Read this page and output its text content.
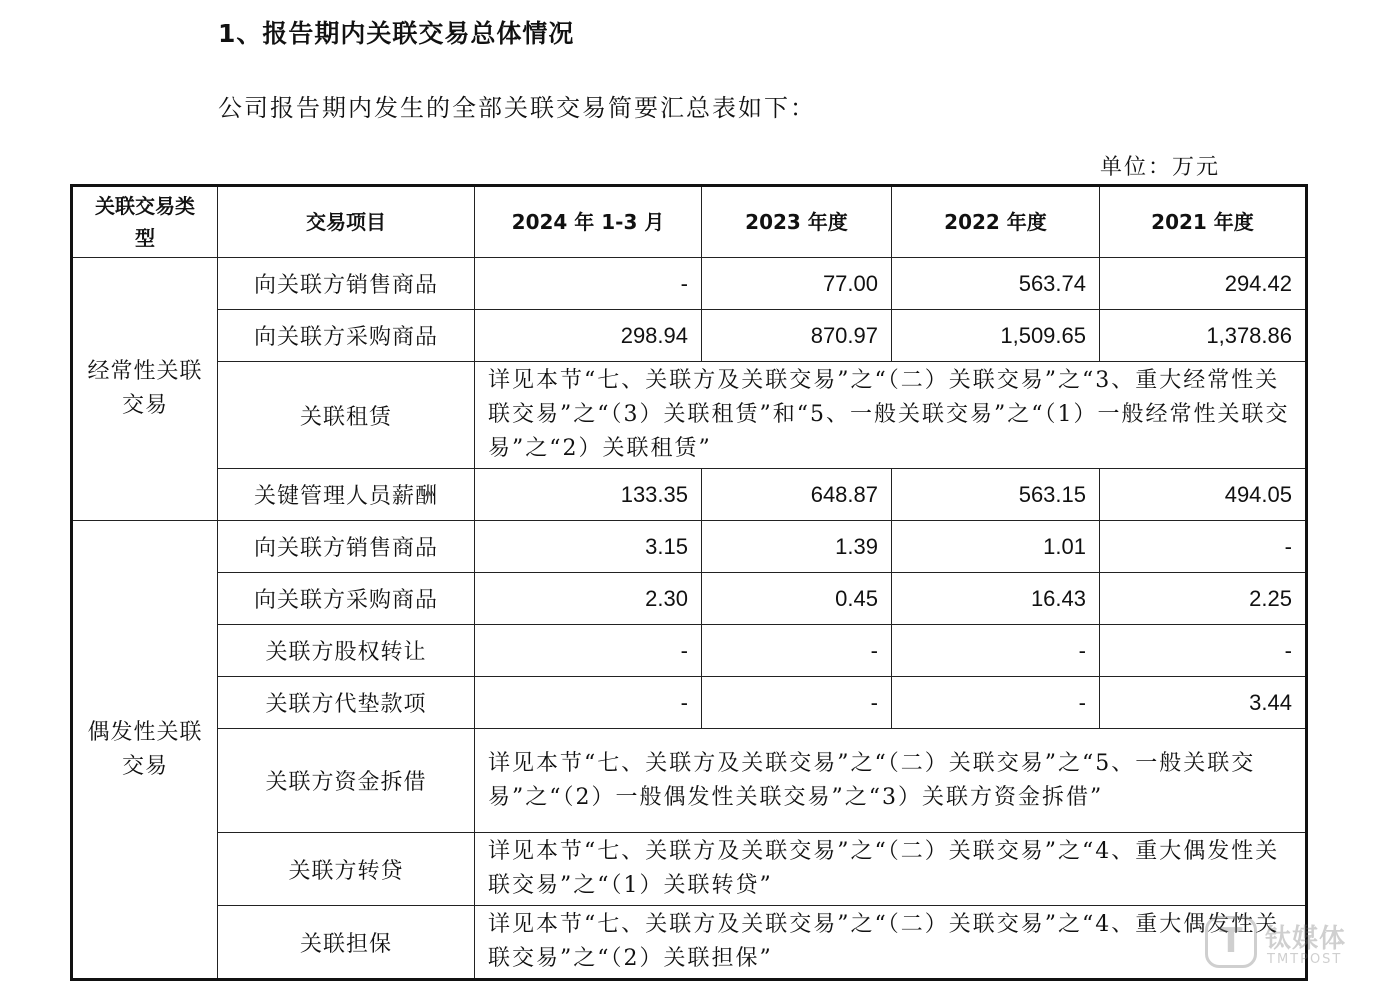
1、报告期内关联交易总体情况

公司报告期内发生的全部关联交易简要汇总表如下：

单位：万元

关联交易类型	交易项目	2024 年 1-3 月	2023 年度	2022 年度	2021 年度
经常性关联交易	向关联方销售商品	-	77.00	563.74	294.42
	向关联方采购商品	298.94	870.97	1,509.65	1,378.86
	关联租赁	详见本节“七、关联方及关联交易”之“（二）关联交易”之“3、重大经常性关联交易”之“（3）关联租赁”和“5、一般关联交易”之“（1）一般经常性关联交易”之“2）关联租赁”			
	关键管理人员薪酬	133.35	648.87	563.15	494.05
偶发性关联交易	向关联方销售商品	3.15	1.39	1.01	-
	向关联方采购商品	2.30	0.45	16.43	2.25
	关联方股权转让	-	-	-	-
	关联方代垫款项	-	-	-	3.44
	关联方资金拆借	详见本节“七、关联方及关联交易”之“（二）关联交易”之“5、一般关联交易”之“（2）一般偶发性关联交易”之“3）关联方资金拆借”			
	关联方转贷	详见本节“七、关联方及关联交易”之“（二）关联交易”之“4、重大偶发性关联交易”之“（1）关联转贷”			
	关联担保	详见本节“七、关联方及关联交易”之“（二）关联交易”之“4、重大偶发性关联交易”之“（2）关联担保”			
T
钛媒体
TMTPOST
